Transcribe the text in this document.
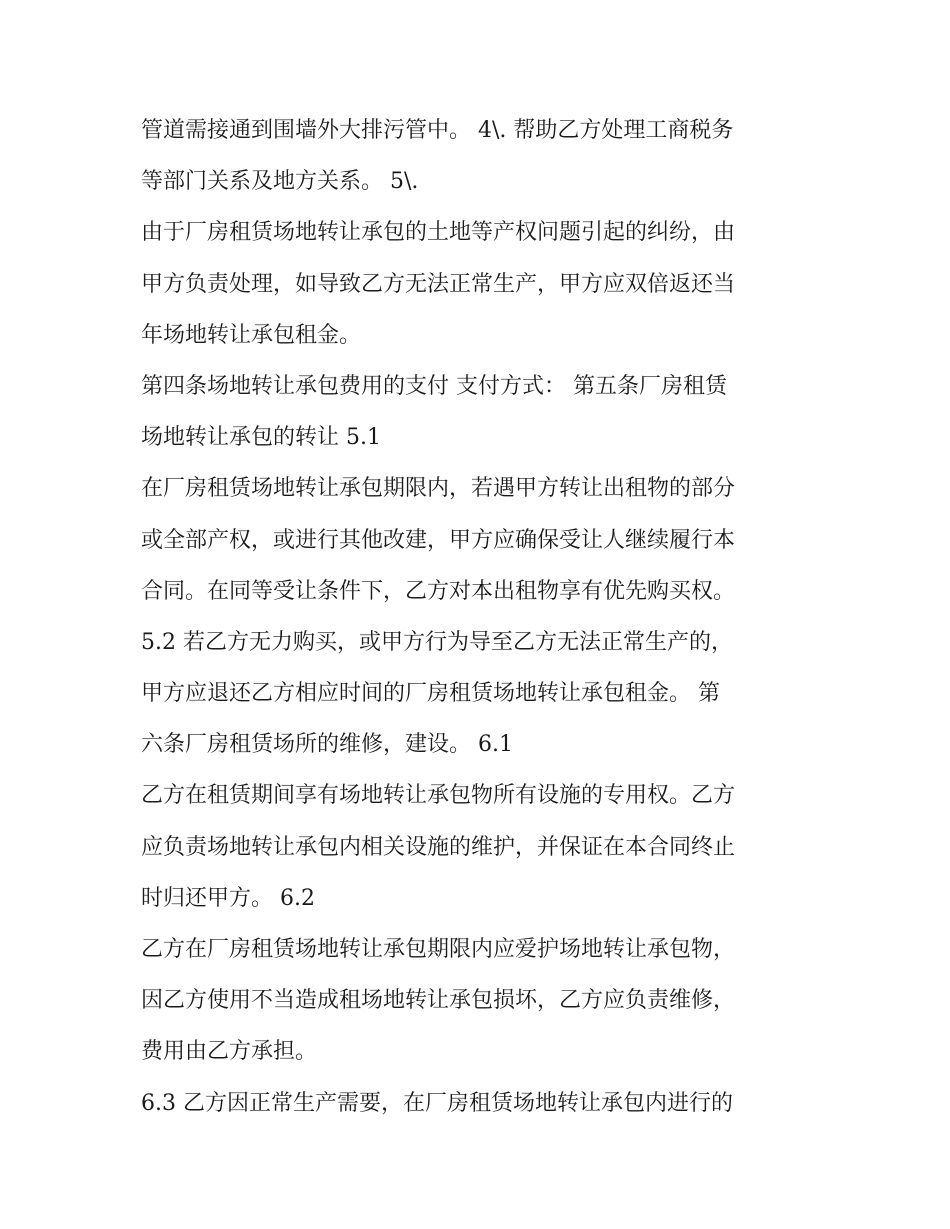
管道需接通到围墙外大排污管中。 4\. 帮助乙方处理工商税务
等部门关系及地方关系。 5\.
由于厂房租赁场地转让承包的土地等产权问题引起的纠纷，由
甲方负责处理，如导致乙方无法正常生产，甲方应双倍返还当
年场地转让承包租金。
第四条场地转让承包费用的支付 支付方式： 第五条厂房租赁
场地转让承包的转让 5.1
在厂房租赁场地转让承包期限内，若遇甲方转让出租物的部分
或全部产权，或进行其他改建，甲方应确保受让人继续履行本
合同。在同等受让条件下，乙方对本出租物享有优先购买权。
5.2 若乙方无力购买，或甲方行为导至乙方无法正常生产的，
甲方应退还乙方相应时间的厂房租赁场地转让承包租金。 第
六条厂房租赁场所的维修，建设。 6.1
乙方在租赁期间享有场地转让承包物所有设施的专用权。乙方
应负责场地转让承包内相关设施的维护，并保证在本合同终止
时归还甲方。 6.2
乙方在厂房租赁场地转让承包期限内应爱护场地转让承包物，
因乙方使用不当造成租场地转让承包损坏，乙方应负责维修，
费用由乙方承担。
6.3 乙方因正常生产需要，在厂房租赁场地转让承包内进行的
